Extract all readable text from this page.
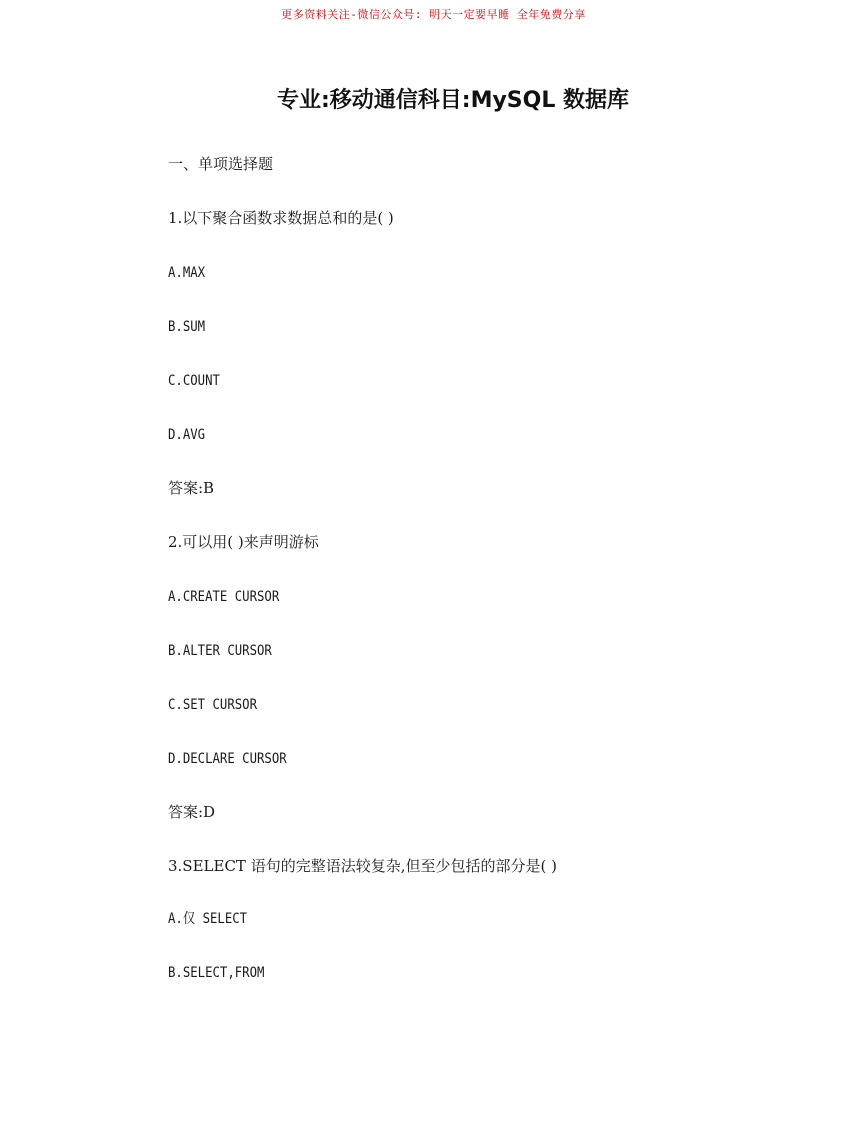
更多资料关注-微信公众号: 明天一定要早睡 全年免费分享
专业:移动通信科目:MySQL 数据库
一、单项选择题
1.以下聚合函数求数据总和的是( )
A.MAX
B.SUM
C.COUNT
D.AVG
答案:B
2.可以用( )来声明游标
A.CREATE CURSOR
B.ALTER CURSOR
C.SET CURSOR
D.DECLARE CURSOR
答案:D
3.SELECT 语句的完整语法较复杂,但至少包括的部分是( )
A.仅 SELECT
B.SELECT,FROM
